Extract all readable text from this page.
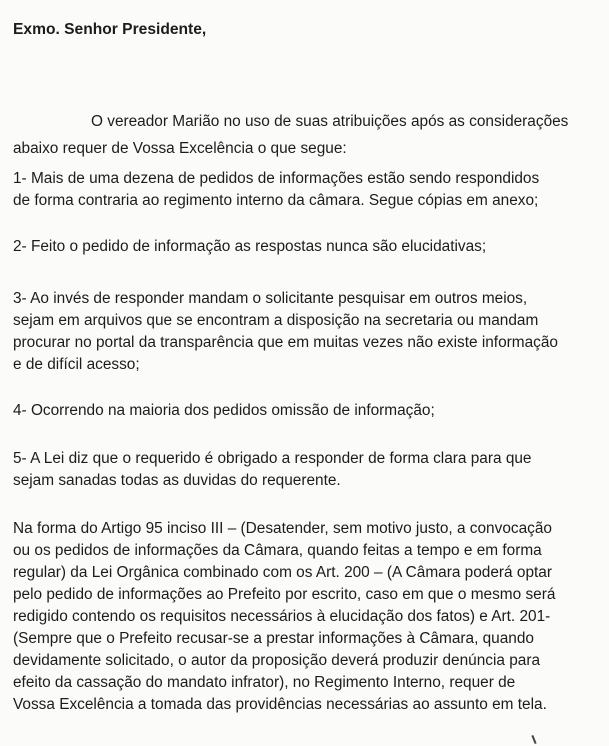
Exmo. Senhor Presidente,
O vereador Marião no uso de suas atribuições após as considerações
abaixo requer de Vossa Excelência o que segue:
1- Mais de uma dezena de pedidos de informações estão sendo respondidos
de forma contraria ao regimento interno da câmara. Segue cópias em anexo;
2- Feito o pedido de informação as respostas nunca são elucidativas;
3- Ao invés de responder mandam o solicitante pesquisar em outros meios,
sejam em arquivos que se encontram a disposição na secretaria ou mandam
procurar no portal da transparência que em muitas vezes não existe informação
e de difícil acesso;
4- Ocorrendo na maioria dos pedidos omissão de informação;
5- A Lei diz que o requerido é obrigado a responder de forma clara para que
sejam sanadas todas as duvidas do requerente.
Na forma do Artigo 95 inciso III – (Desatender, sem motivo justo, a convocação
ou os pedidos de informações da Câmara, quando feitas a tempo e em forma
regular) da Lei Orgânica combinado com os Art. 200 – (A Câmara poderá optar
pelo pedido de informações ao Prefeito por escrito, caso em que o mesmo será
redigido contendo os requisitos necessários à elucidação dos fatos) e Art. 201-
(Sempre que o Prefeito recusar-se a prestar informações à Câmara, quando
devidamente solicitado, o autor da proposição deverá produzir denúncia para
efeito da cassação do mandato infrator), no Regimento Interno, requer de
Vossa Excelência a tomada das providências necessárias ao assunto em tela.
